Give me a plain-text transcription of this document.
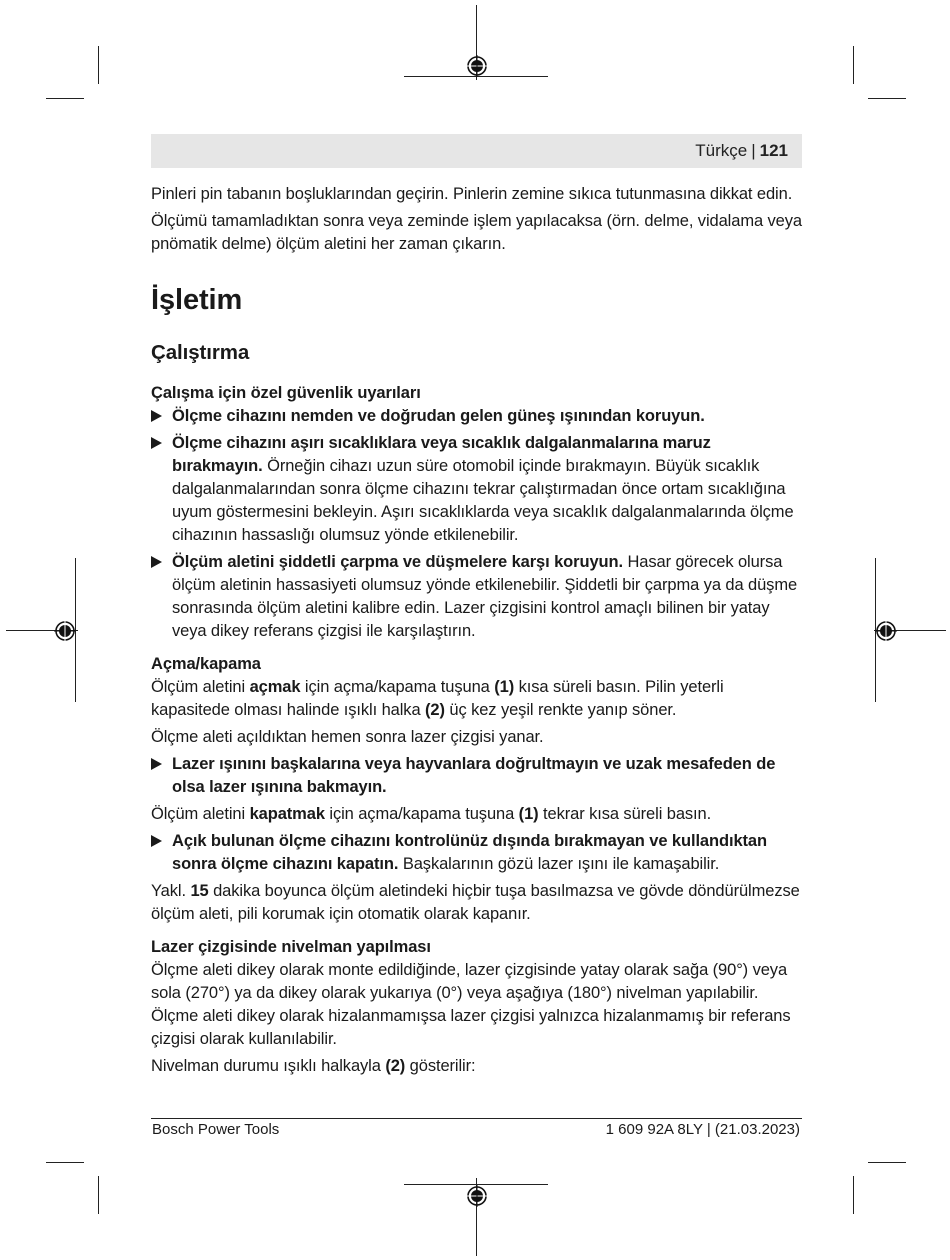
Türkçe | 121

Pinleri pin tabanın boşluklarından geçirin. Pinlerin zemine sıkıca tutunmasına dikkat edin.

Ölçümü tamamladıktan sonra veya zeminde işlem yapılacaksa (örn. delme, vidalama veya pnömatik delme) ölçüm aletini her zaman çıkarın.

İşletim
Çalıştırma
Çalışma için özel güvenlik uyarıları
Ölçme cihazını nemden ve doğrudan gelen güneş ışınından koruyun.
Ölçme cihazını aşırı sıcaklıklara veya sıcaklık dalgalanmalarına maruz bırakmayın. Örneğin cihazı uzun süre otomobil içinde bırakmayın. Büyük sıcaklık dalgalanmalarından sonra ölçme cihazını tekrar çalıştırmadan önce ortam sıcaklığına uyum göstermesini bekleyin. Aşırı sıcaklıklarda veya sıcaklık dalgalanmalarında ölçme cihazının hassaslığı olumsuz yönde etkilenebilir.
Ölçüm aletini şiddetli çarpma ve düşmelere karşı koruyun. Hasar görecek olursa ölçüm aletinin hassasiyeti olumsuz yönde etkilenebilir. Şiddetli bir çarpma ya da düşme sonrasında ölçüm aletini kalibre edin. Lazer çizgisini kontrol amaçlı bilinen bir yatay veya dikey referans çizgisi ile karşılaştırın.
Açma/kapama

Ölçüm aletini açmak için açma/kapama tuşuna (1) kısa süreli basın. Pilin yeterli kapasitede olması halinde ışıklı halka (2) üç kez yeşil renkte yanıp söner.

Ölçme aleti açıldıktan hemen sonra lazer çizgisi yanar.

Lazer ışınını başkalarına veya hayvanlara doğrultmayın ve uzak mesafeden de olsa lazer ışınına bakmayın.

Ölçüm aletini kapatmak için açma/kapama tuşuna (1) tekrar kısa süreli basın.

Açık bulunan ölçme cihazını kontrolünüz dışında bırakmayan ve kullandıktan sonra ölçme cihazını kapatın. Başkalarının gözü lazer ışını ile kamaşabilir.

Yakl. 15 dakika boyunca ölçüm aletindeki hiçbir tuşa basılmazsa ve gövde döndürülmezse ölçüm aleti, pili korumak için otomatik olarak kapanır.

Lazer çizgisinde nivelman yapılması

Ölçme aleti dikey olarak monte edildiğinde, lazer çizgisinde yatay olarak sağa (90°) veya sola (270°) ya da dikey olarak yukarıya (0°) veya aşağıya (180°) nivelman yapılabilir. Ölçme aleti dikey olarak hizalanmamışsa lazer çizgisi yalnızca hizalanmamış bir referans çizgisi olarak kullanılabilir.

Nivelman durumu ışıklı halkayla (2) gösterilir:

Bosch Power Tools	1 609 92A 8LY | (21.03.2023)
